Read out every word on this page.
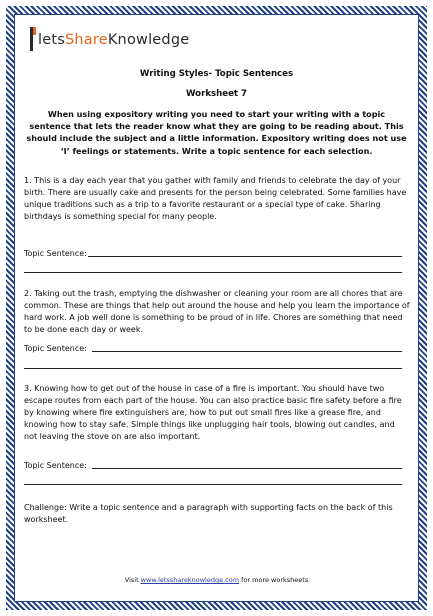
letsShareKnowledge
Writing Styles- Topic Sentences
Worksheet 7
When using expository writing you need to start your writing with a topic sentence that lets the reader know what they are going to be reading about. This should include the subject and a little information. Expository writing does not use ‘I’ feelings or statements. Write a topic sentence for each selection.
1. This is a day each year that you gather with family and friends to celebrate the day of your birth. There are usually cake and presents for the person being celebrated. Some families have unique traditions such as a trip to a favorite restaurant or a special type of cake. Sharing birthdays is something special for many people.
Topic Sentence:
2. Taking out the trash, emptying the dishwasher or cleaning your room are all chores that are common. These are things that help out around the house and help you learn the importance of hard work. A job well done is something to be proud of in life. Chores are something that need to be done each day or week.
Topic Sentence:
3. Knowing how to get out of the house in case of a fire is important. You should have two escape routes from each part of the house. You can also practice basic fire safety before a fire by knowing where fire extinguishers are, how to put out small fires like a grease fire, and knowing how to stay safe. Simple things like unplugging hair tools, blowing out candles, and not leaving the stove on are also important.
Topic Sentence:
Challenge: Write a topic sentence and a paragraph with supporting facts on the back of this worksheet.
Visit www.letsshareknowledge.com for more worksheets
